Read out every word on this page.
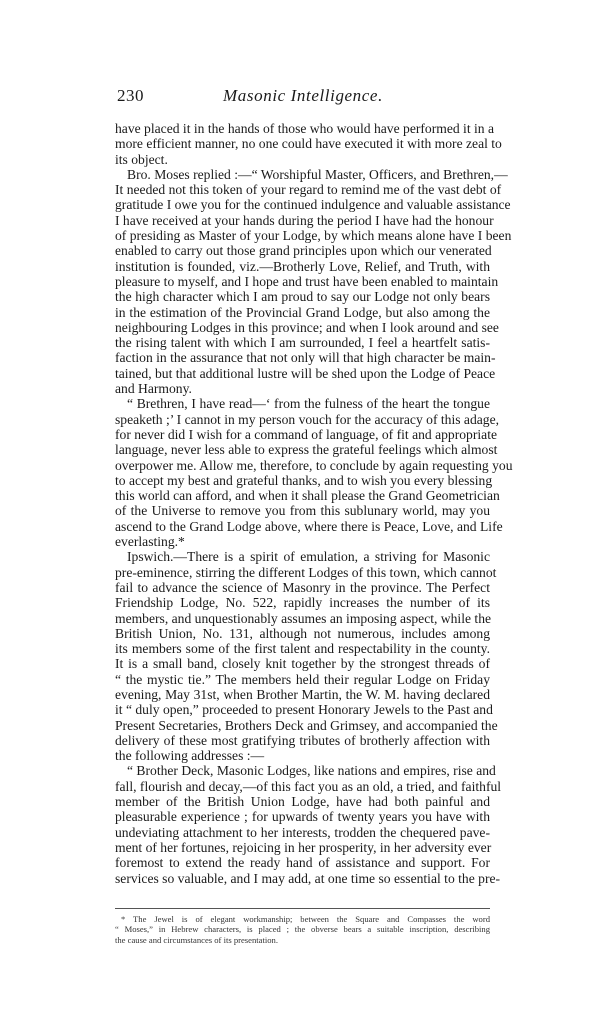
230	Masonic Intelligence.
have placed it in the hands of those who would have performed it in a
more efficient manner, no one could have executed it with more zeal to
its object.
Bro. Moses replied :—“ Worshipful Master, Officers, and Brethren,—
It needed not this token of your regard to remind me of the vast debt of
gratitude I owe you for the continued indulgence and valuable assistance
I have received at your hands during the period I have had the honour
of presiding as Master of your Lodge, by which means alone have I been
enabled to carry out those grand principles upon which our venerated
institution is founded, viz.—Brotherly Love, Relief, and Truth, with
pleasure to myself, and I hope and trust have been enabled to maintain
the high character which I am proud to say our Lodge not only bears
in the estimation of the Provincial Grand Lodge, but also among the
neighbouring Lodges in this province; and when I look around and see
the rising talent with which I am surrounded, I feel a heartfelt satis-
faction in the assurance that not only will that high character be main-
tained, but that additional lustre will be shed upon the Lodge of Peace
and Harmony.
“ Brethren, I have read—‘ from the fulness of the heart the tongue
speaketh ;’ I cannot in my person vouch for the accuracy of this adage,
for never did I wish for a command of language, of fit and appropriate
language, never less able to express the grateful feelings which almost
overpower me. Allow me, therefore, to conclude by again requesting you
to accept my best and grateful thanks, and to wish you every blessing
this world can afford, and when it shall please the Grand Geometrician
of the Universe to remove you from this sublunary world, may you
ascend to the Grand Lodge above, where there is Peace, Love, and Life
everlasting.*
Ipswich.—There is a spirit of emulation, a striving for Masonic
pre-eminence, stirring the different Lodges of this town, which cannot
fail to advance the science of Masonry in the province. The Perfect
Friendship Lodge, No. 522, rapidly increases the number of its
members, and unquestionably assumes an imposing aspect, while the
British Union, No. 131, although not numerous, includes among
its members some of the first talent and respectability in the county.
It is a small band, closely knit together by the strongest threads of
“ the mystic tie.” The members held their regular Lodge on Friday
evening, May 31st, when Brother Martin, the W. M. having declared
it “ duly open,” proceeded to present Honorary Jewels to the Past and
Present Secretaries, Brothers Deck and Grimsey, and accompanied the
delivery of these most gratifying tributes of brotherly affection with
the following addresses :—
“ Brother Deck, Masonic Lodges, like nations and empires, rise and
fall, flourish and decay,—of this fact you as an old, a tried, and faithful
member of the British Union Lodge, have had both painful and
pleasurable experience ; for upwards of twenty years you have with
undeviating attachment to her interests, trodden the chequered pave-
ment of her fortunes, rejoicing in her prosperity, in her adversity ever
foremost to extend the ready hand of assistance and support. For
services so valuable, and I may add, at one time so essential to the pre-
* The Jewel is of elegant workmanship; between the Square and Compasses the word
“ Moses,” in Hebrew characters, is placed ; the obverse bears a suitable inscription, describing
the cause and circumstances of its presentation.
